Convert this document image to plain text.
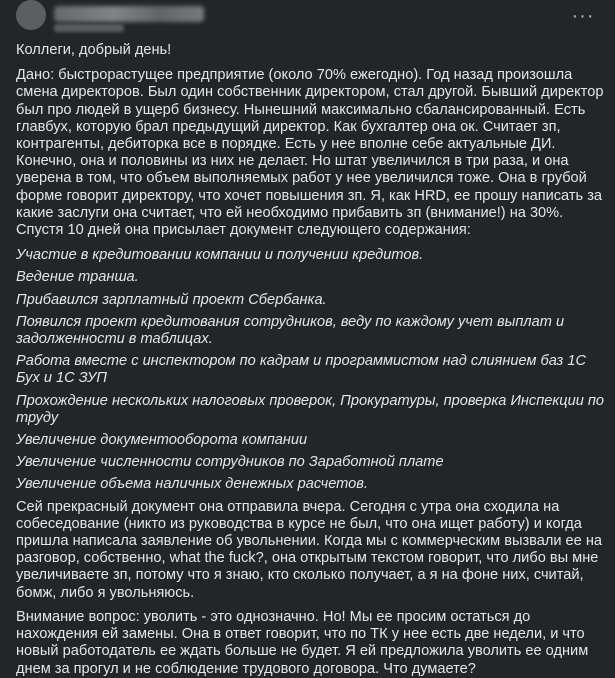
···

Коллеги, добрый день!

Дано: быстрорастущее предприятие (около 70% ежегодно). Год назад произошла смена директоров. Был один собственник директором, стал другой. Бывший директор был про людей в ущерб бизнесу. Нынешний максимально сбалансированный. Есть главбух, которую брал предыдущий директор. Как бухгалтер она ок. Считает зп, контрагенты, дебиторка все в порядке. Есть у нее вполне себе актуальные ДИ. Конечно, она и половины из них не делает. Но штат увеличился в три раза, и она уверена в том, что объем выполняемых работ у нее увеличился тоже. Она в грубой форме говорит директору, что хочет повышения зп. Я, как HRD, ее прошу написать за какие заслуги она считает, что ей необходимо прибавить зп (внимание!) на 30%. Спустя 10 дней она присылает документ следующего содержания:

Участие в кредитовании компании и получении кредитов.

Ведение транша.

Прибавился зарплатный проект Сбербанка.

Появился проект кредитования сотрудников, веду по каждому учет выплат и задолженности в таблицах.

Работа вместе с инспектором по кадрам и программистом над слиянием баз 1С Бух и 1С ЗУП

Прохождение нескольких налоговых проверок, Прокуратуры, проверка Инспекции по труду

Увеличение документооборота компании

Увеличение численности сотрудников по Заработной плате

Увеличение объема наличных денежных расчетов.

Сей прекрасный документ она отправила вчера. Сегодня с утра она сходила на собеседование (никто из руководства в курсе не был, что она ищет работу) и когда пришла написала заявление об увольнении. Когда мы с коммерческим вызвали ее на разговор, собственно, what the fuck?, она открытым текстом говорит, что либо вы мне увеличиваете зп, потому что я знаю, кто сколько получает, а я на фоне них, считай, бомж, либо я увольняюсь.

Внимание вопрос: уволить - это однозначно. Но! Мы ее просим остаться до нахождения ей замены. Она в ответ говорит, что по ТК у нее есть две недели, и что новый работодатель ее ждать больше не будет. Я ей предложила уволить ее одним днем за прогул и не соблюдение трудового договора. Что думаете?
